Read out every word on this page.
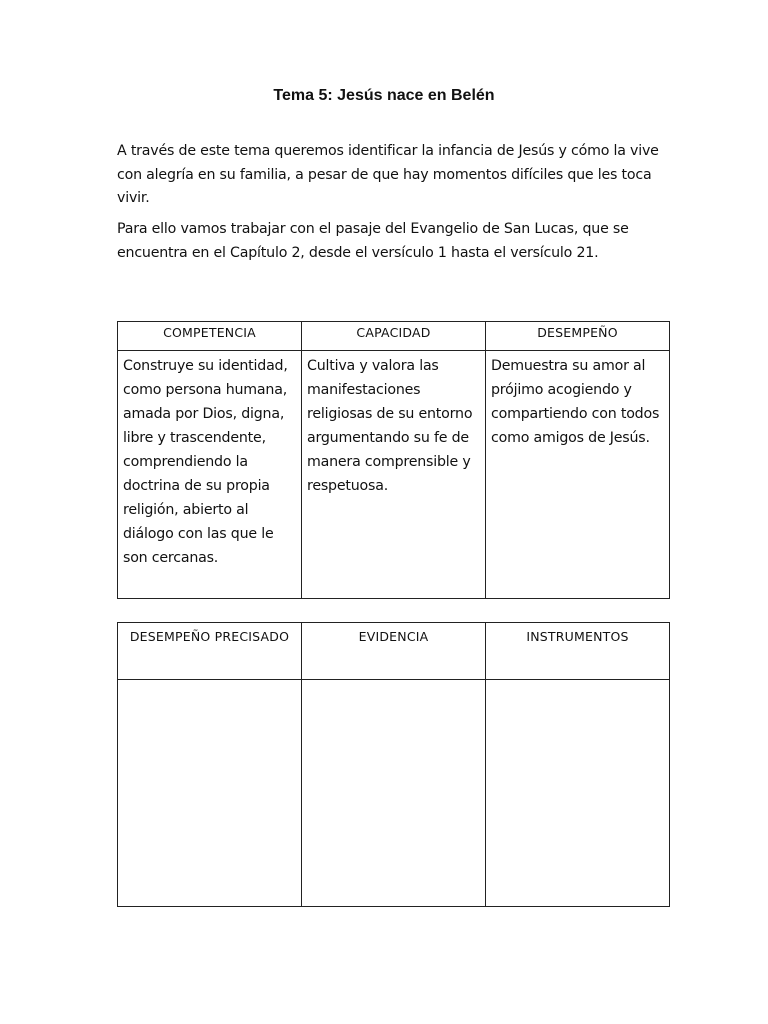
Tema 5: Jesús nace en Belén
A través de este tema queremos identificar la infancia de Jesús y cómo la vive con alegría en su familia, a pesar de que hay momentos difíciles que les toca vivir.
Para ello vamos trabajar con el pasaje del Evangelio de San Lucas, que se encuentra en el Capítulo 2, desde el versículo 1 hasta el versículo 21.
COMPETENCIA	CAPACIDAD	DESEMPEÑO
Construye su identidad, como persona humana, amada por Dios, digna, libre y trascendente, comprendiendo la doctrina de su propia religión, abierto al diálogo con las que le son cercanas.	Cultiva y valora las manifestaciones religiosas de su entorno argumentando su fe de manera comprensible y respetuosa.	Demuestra su amor al prójimo acogiendo y compartiendo con todos como amigos de Jesús.
DESEMPEÑO PRECISADO	EVIDENCIA	INSTRUMENTOS
